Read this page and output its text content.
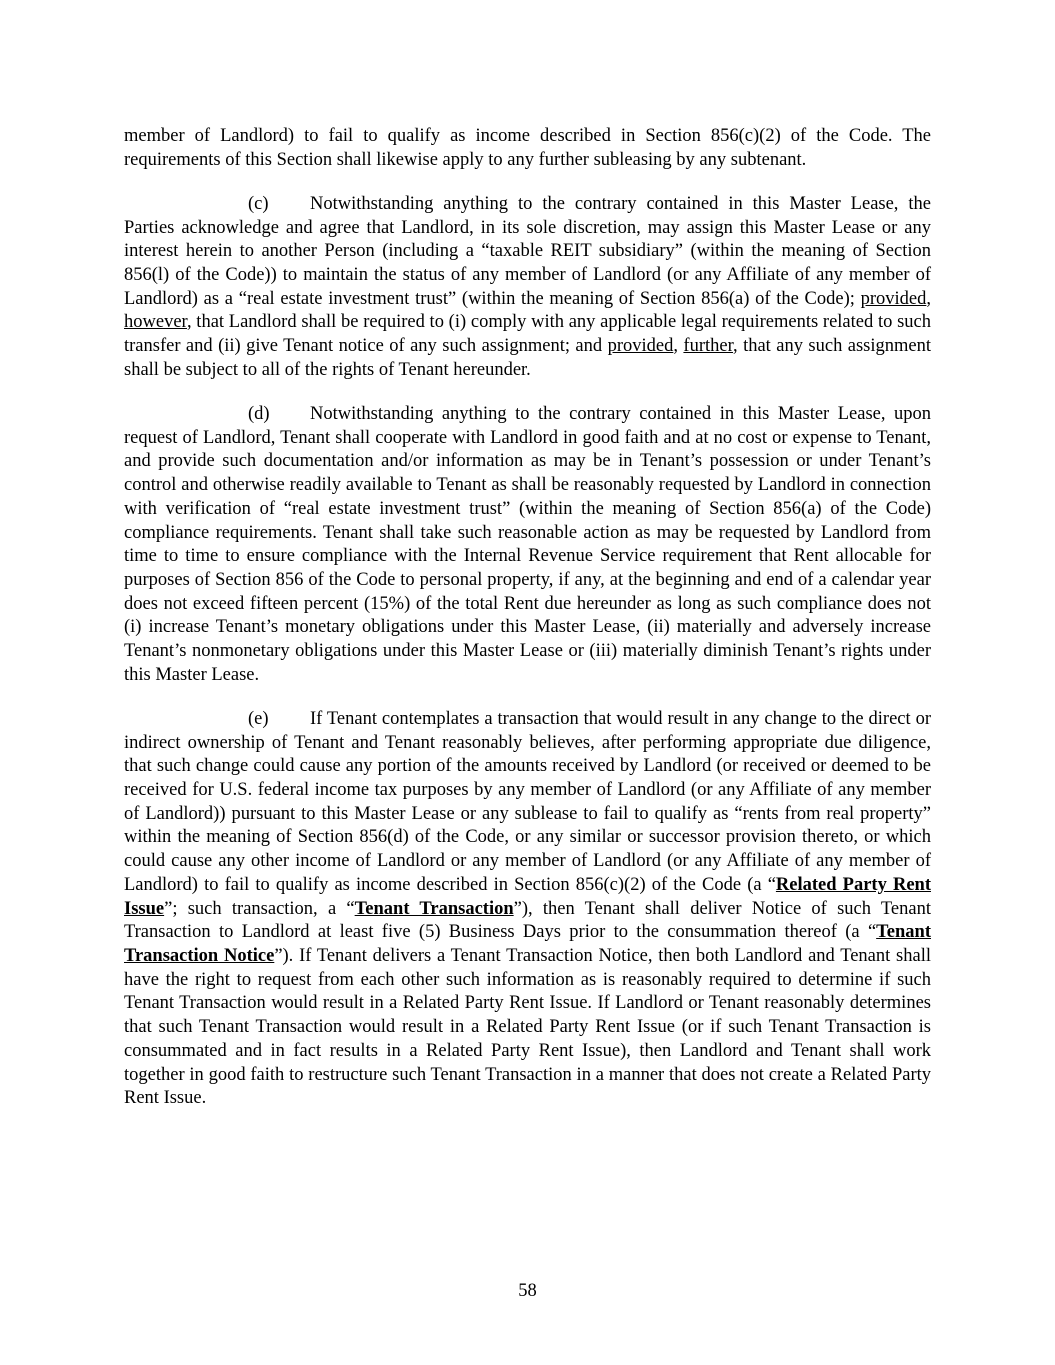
member of Landlord) to fail to qualify as income described in Section 856(c)(2) of the Code. The requirements of this Section shall likewise apply to any further subleasing by any subtenant.

(c) Notwithstanding anything to the contrary contained in this Master Lease, the Parties acknowledge and agree that Landlord, in its sole discretion, may assign this Master Lease or any interest herein to another Person (including a “taxable REIT subsidiary” (within the meaning of Section 856(l) of the Code)) to maintain the status of any member of Landlord (or any Affiliate of any member of Landlord) as a “real estate investment trust” (within the meaning of Section 856(a) of the Code); provided, however, that Landlord shall be required to (i) comply with any applicable legal requirements related to such transfer and (ii) give Tenant notice of any such assignment; and provided, further, that any such assignment shall be subject to all of the rights of Tenant hereunder.

(d) Notwithstanding anything to the contrary contained in this Master Lease, upon request of Landlord, Tenant shall cooperate with Landlord in good faith and at no cost or expense to Tenant, and provide such documentation and/or information as may be in Tenant’s possession or under Tenant’s control and otherwise readily available to Tenant as shall be reasonably requested by Landlord in connection with verification of “real estate investment trust” (within the meaning of Section 856(a) of the Code) compliance requirements. Tenant shall take such reasonable action as may be requested by Landlord from time to time to ensure compliance with the Internal Revenue Service requirement that Rent allocable for purposes of Section 856 of the Code to personal property, if any, at the beginning and end of a calendar year does not exceed fifteen percent (15%) of the total Rent due hereunder as long as such compliance does not (i) increase Tenant’s monetary obligations under this Master Lease, (ii) materially and adversely increase Tenant’s nonmonetary obligations under this Master Lease or (iii) materially diminish Tenant’s rights under this Master Lease.

(e) If Tenant contemplates a transaction that would result in any change to the direct or indirect ownership of Tenant and Tenant reasonably believes, after performing appropriate due diligence, that such change could cause any portion of the amounts received by Landlord (or received or deemed to be received for U.S. federal income tax purposes by any member of Landlord (or any Affiliate of any member of Landlord)) pursuant to this Master Lease or any sublease to fail to qualify as “rents from real property” within the meaning of Section 856(d) of the Code, or any similar or successor provision thereto, or which could cause any other income of Landlord or any member of Landlord (or any Affiliate of any member of Landlord) to fail to qualify as income described in Section 856(c)(2) of the Code (a “Related Party Rent Issue”; such transaction, a “Tenant Transaction”), then Tenant shall deliver Notice of such Tenant Transaction to Landlord at least five (5) Business Days prior to the consummation thereof (a “Tenant Transaction Notice”). If Tenant delivers a Tenant Transaction Notice, then both Landlord and Tenant shall have the right to request from each other such information as is reasonably required to determine if such Tenant Transaction would result in a Related Party Rent Issue. If Landlord or Tenant reasonably determines that such Tenant Transaction would result in a Related Party Rent Issue (or if such Tenant Transaction is consummated and in fact results in a Related Party Rent Issue), then Landlord and Tenant shall work together in good faith to restructure such Tenant Transaction in a manner that does not create a Related Party Rent Issue.

58
